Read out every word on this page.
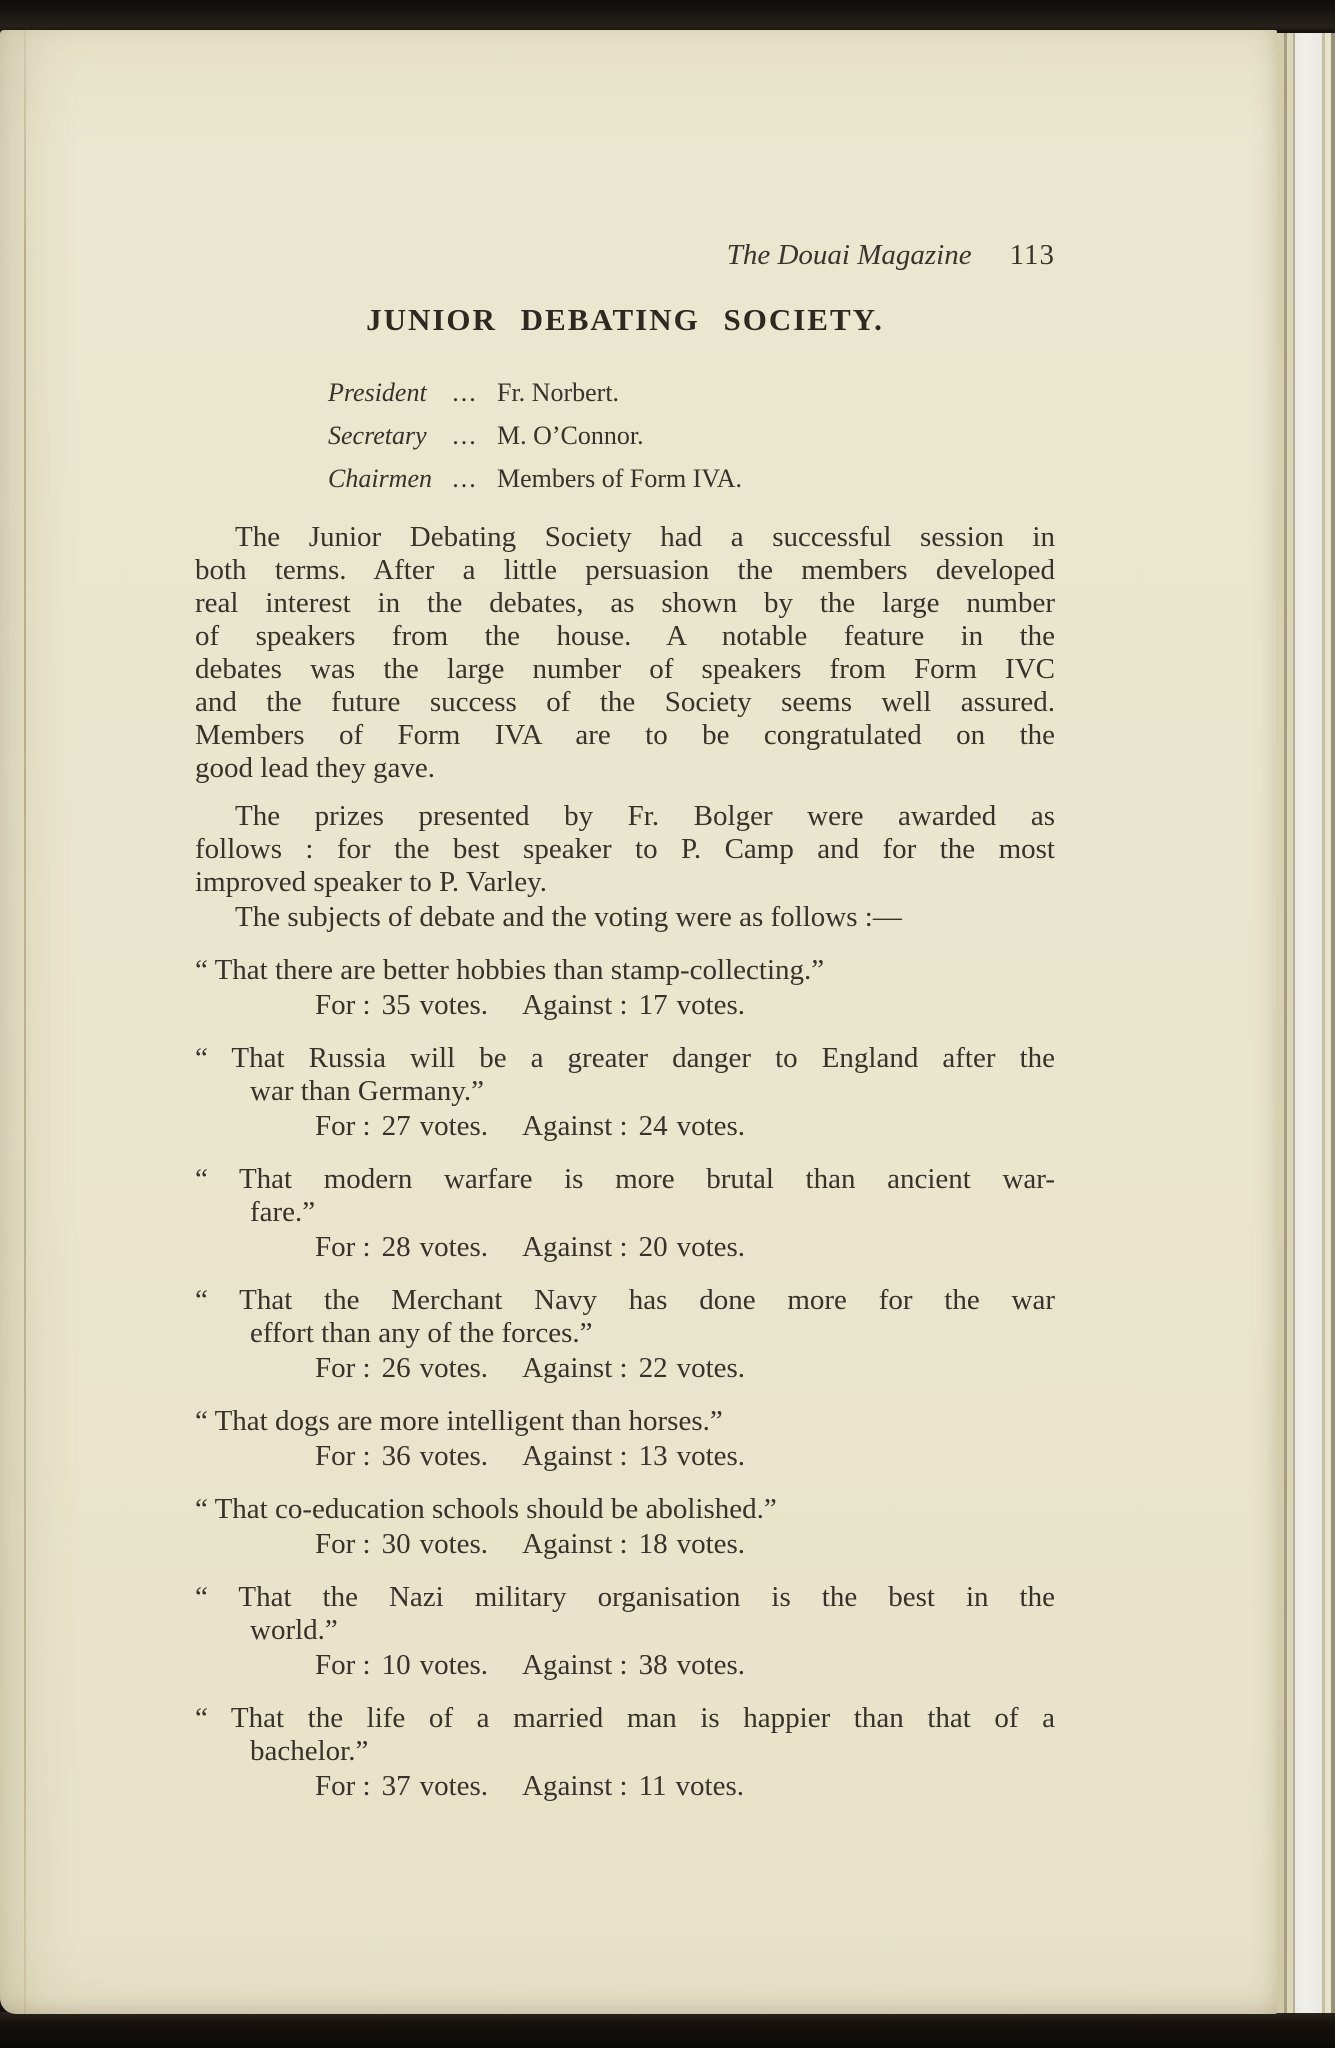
The Douai Magazine 113
JUNIOR DEBATING SOCIETY.
President ... Fr. Norbert.
Secretary ... M. O’Connor.
Chairmen ... Members of Form IVA.
The Junior Debating Society had a successful session in
both terms. After a little persuasion the members developed
real interest in the debates, as shown by the large number
of speakers from the house. A notable feature in the
debates was the large number of speakers from Form IVC
and the future success of the Society seems well assured.
Members of Form IVA are to be congratulated on the
good lead they gave.
The prizes presented by Fr. Bolger were awarded as
follows : for the best speaker to P. Camp and for the most
improved speaker to P. Varley.
The subjects of debate and the voting were as follows :—
“ That there are better hobbies than stamp-collecting.”
For : 35 votes. Against : 17 votes.
“ That Russia will be a greater danger to England after the
war than Germany.”
For : 27 votes. Against : 24 votes.
“ That modern warfare is more brutal than ancient war-
fare.”
For : 28 votes. Against : 20 votes.
“ That the Merchant Navy has done more for the war
effort than any of the forces.”
For : 26 votes. Against : 22 votes.
“ That dogs are more intelligent than horses.”
For : 36 votes. Against : 13 votes.
“ That co-education schools should be abolished.”
For : 30 votes. Against : 18 votes.
“ That the Nazi military organisation is the best in the
world.”
For : 10 votes. Against : 38 votes.
“ That the life of a married man is happier than that of a
bachelor.”
For : 37 votes. Against : 11 votes.
